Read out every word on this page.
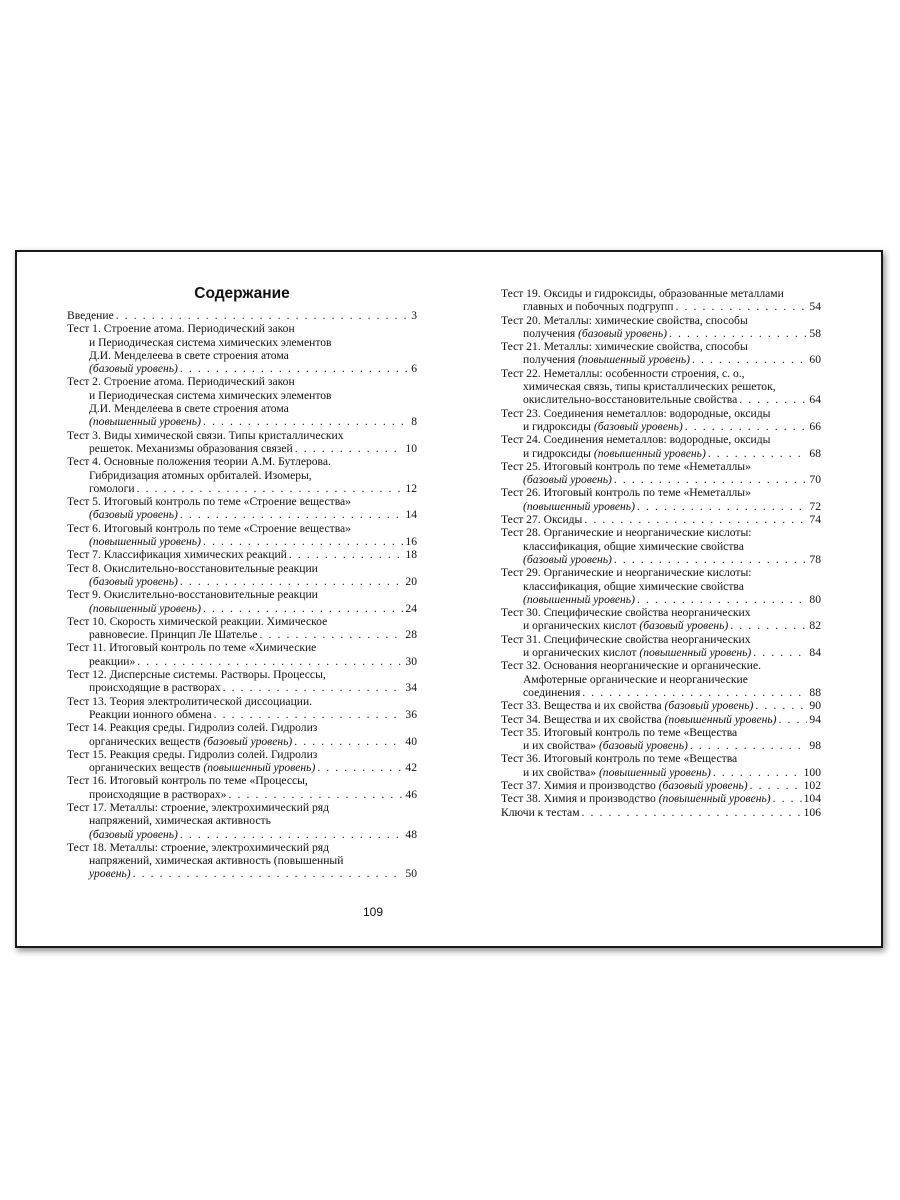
Содержание
Введение . . .	3
Тест 1. Строение атома. Периодический закон
и Периодическая система химических элементов
Д.И. Менделеева в свете строения атома
(базовый уровень) . . .	6
Тест 2. Строение атома. Периодический закон
и Периодическая система химических элементов
Д.И. Менделеева в свете строения атома
(повышенный уровень) . . .	8
Тест 3. Виды химической связи. Типы кристаллических
решеток. Механизмы образования связей . . .	10
Тест 4. Основные положения теории А.М. Бутлерова.
Гибридизация атомных орбиталей. Изомеры,
гомологи . . .	12
Тест 5. Итоговый контроль по теме «Строение вещества»
(базовый уровень) . . .	14
Тест 6. Итоговый контроль по теме «Строение вещества»
(повышенный уровень) . . .	16
Тест 7. Классификация химических реакций . . .	18
Тест 8. Окислительно-восстановительные реакции
(базовый уровень) . . .	20
Тест 9. Окислительно-восстановительные реакции
(повышенный уровень) . . .	24
Тест 10. Скорость химической реакции. Химическое
равновесие. Принцип Ле Шателье . . .	28
Тест 11. Итоговый контроль по теме «Химические
реакции» . . .	30
Тест 12. Дисперсные системы. Растворы. Процессы,
происходящие в растворах . . .	34
Тест 13. Теория электролитической диссоциации.
Реакции ионного обмена . . .	36
Тест 14. Реакция среды. Гидролиз солей. Гидролиз
органических веществ (базовый уровень) . . .	40
Тест 15. Реакция среды. Гидролиз солей. Гидролиз
органических веществ (повышенный уровень) . . .	42
Тест 16. Итоговый контроль по теме «Процессы,
происходящие в растворах» . . .	46
Тест 17. Металлы: строение, электрохимический ряд
напряжений, химическая активность
(базовый уровень) . . .	48
Тест 18. Металлы: строение, электрохимический ряд
напряжений, химическая активность (повышенный
уровень) . . .	50
Тест 19. Оксиды и гидроксиды, образованные металлами
главных и побочных подгрупп . . .	54
Тест 20. Металлы: химические свойства, способы
получения (базовый уровень) . . .	58
Тест 21. Металлы: химические свойства, способы
получения (повышенный уровень) . . .	60
Тест 22. Неметаллы: особенности строения, с. о.,
химическая связь, типы кристаллических решеток,
окислительно-восстановительные свойства . . .	64
Тест 23. Соединения неметаллов: водородные, оксиды
и гидроксиды (базовый уровень) . . .	66
Тест 24. Соединения неметаллов: водородные, оксиды
и гидроксиды (повышенный уровень) . . .	68
Тест 25. Итоговый контроль по теме «Неметаллы»
(базовый уровень) . . .	70
Тест 26. Итоговый контроль по теме «Неметаллы»
(повышенный уровень) . . .	72
Тест 27. Оксиды . . .	74
Тест 28. Органические и неорганические кислоты:
классификация, общие химические свойства
(базовый уровень) . . .	78
Тест 29. Органические и неорганические кислоты:
классификация, общие химические свойства
(повышенный уровень) . . .	80
Тест 30. Специфические свойства неорганических
и органических кислот (базовый уровень) . . .	82
Тест 31. Специфические свойства неорганических
и органических кислот (повышенный уровень) . . .	84
Тест 32. Основания неорганические и органические.
Амфотерные органические и неорганические
соединения . . .	88
Тест 33. Вещества и их свойства (базовый уровень) . . .	90
Тест 34. Вещества и их свойства (повышенный уровень) . . .	94
Тест 35. Итоговый контроль по теме «Вещества
и их свойства» (базовый уровень) . . .	98
Тест 36. Итоговый контроль по теме «Вещества
и их свойства» (повышенный уровень) . . .	100
Тест 37. Химия и производство (базовый уровень) . . .	102
Тест 38. Химия и производство (повышенный уровень) . . .	104
Ключи к тестам . . .	106
109
